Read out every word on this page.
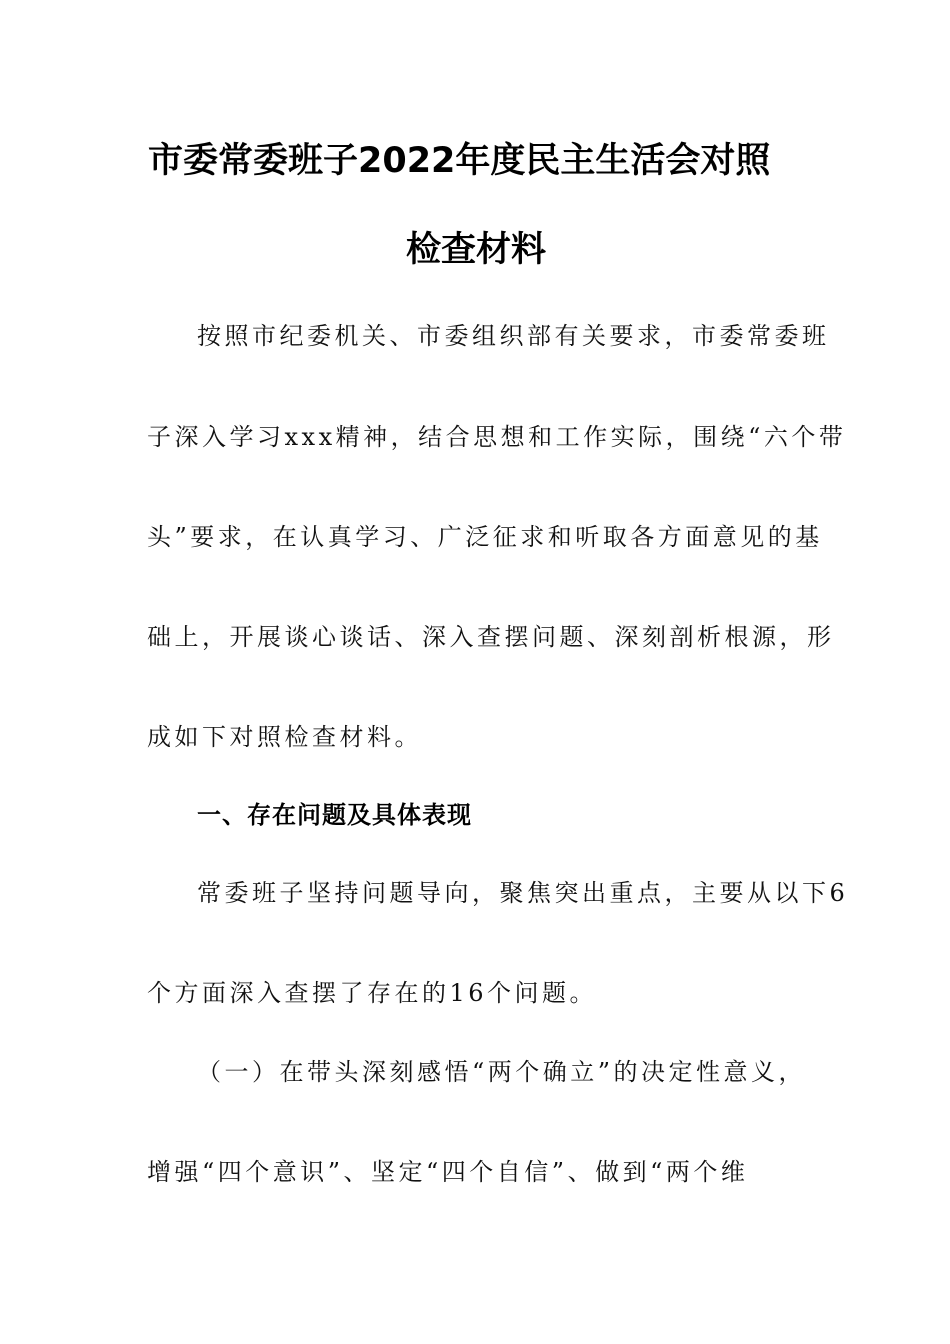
市委常委班子2022年度民主生活会对照
检查材料
按照市纪委机关、市委组织部有关要求，市委常委班
子深入学习xxx精神，结合思想和工作实际，围绕“六个带
头”要求，在认真学习、广泛征求和听取各方面意见的基
础上，开展谈心谈话、深入查摆问题、深刻剖析根源，形
成如下对照检查材料。
一、存在问题及具体表现
常委班子坚持问题导向，聚焦突出重点，主要从以下6
个方面深入查摆了存在的16个问题。
（一）在带头深刻感悟“两个确立”的决定性意义，
增强“四个意识”、坚定“四个自信”、做到“两个维
